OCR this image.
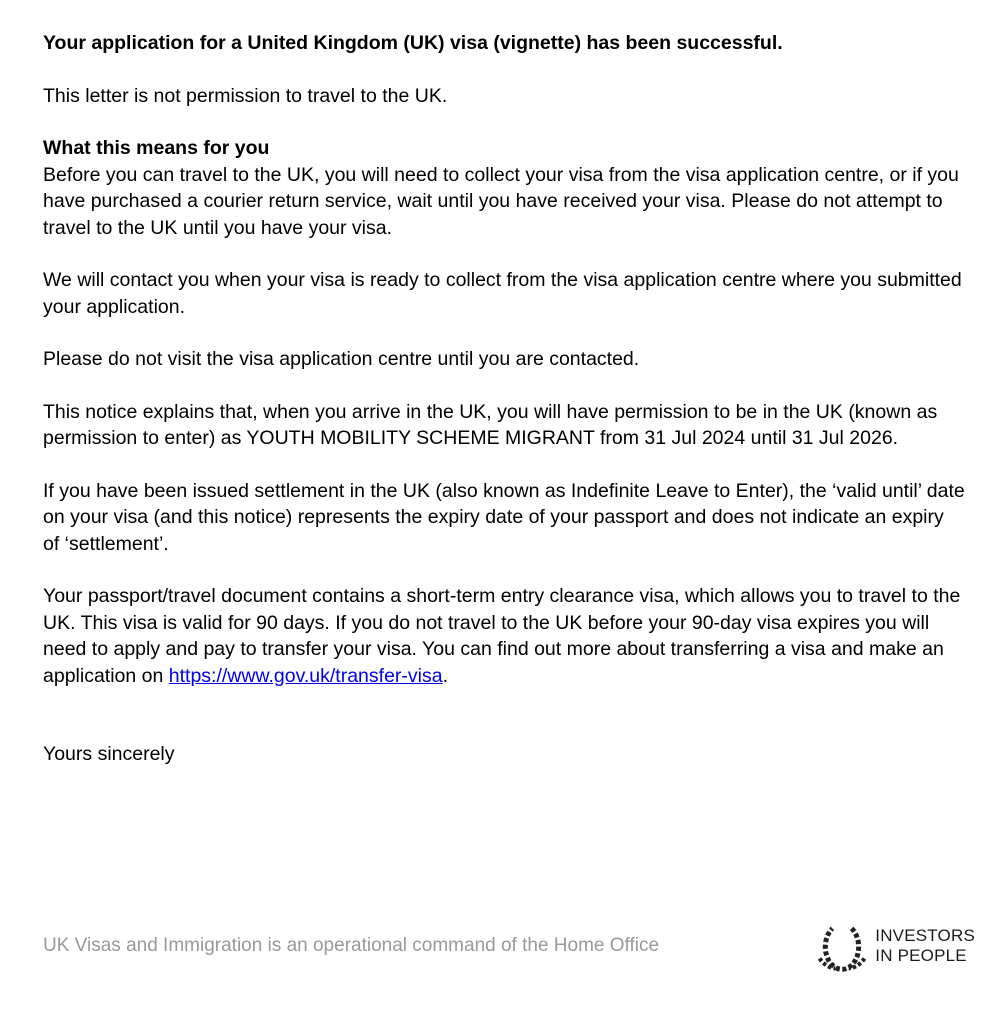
Your application for a United Kingdom (UK) visa (vignette) has been successful.

This letter is not permission to travel to the UK.

What this means for you

Before you can travel to the UK, you will need to collect your visa from the visa application centre, or if you have purchased a courier return service, wait until you have received your visa. Please do not attempt to travel to the UK until you have your visa.

We will contact you when your visa is ready to collect from the visa application centre where you submitted your application.

Please do not visit the visa application centre until you are contacted.

This notice explains that, when you arrive in the UK, you will have permission to be in the UK (known as permission to enter) as YOUTH MOBILITY SCHEME MIGRANT from 31 Jul 2024 until 31 Jul 2026.

If you have been issued settlement in the UK (also known as Indefinite Leave to Enter), the ‘valid until’ date on your visa (and this notice) represents the expiry date of your passport and does not indicate an expiry of ‘settlement’.

Your passport/travel document contains a short-term entry clearance visa, which allows you to travel to the UK. This visa is valid for 90 days. If you do not travel to the UK before your 90-day visa expires you will need to apply and pay to transfer your visa. You can find out more about transferring a visa and make an application on https://www.gov.uk/transfer-visa.

Yours sincerely

UK Visas and Immigration is an operational command of the Home Office	INVESTORS
IN PEOPLE
